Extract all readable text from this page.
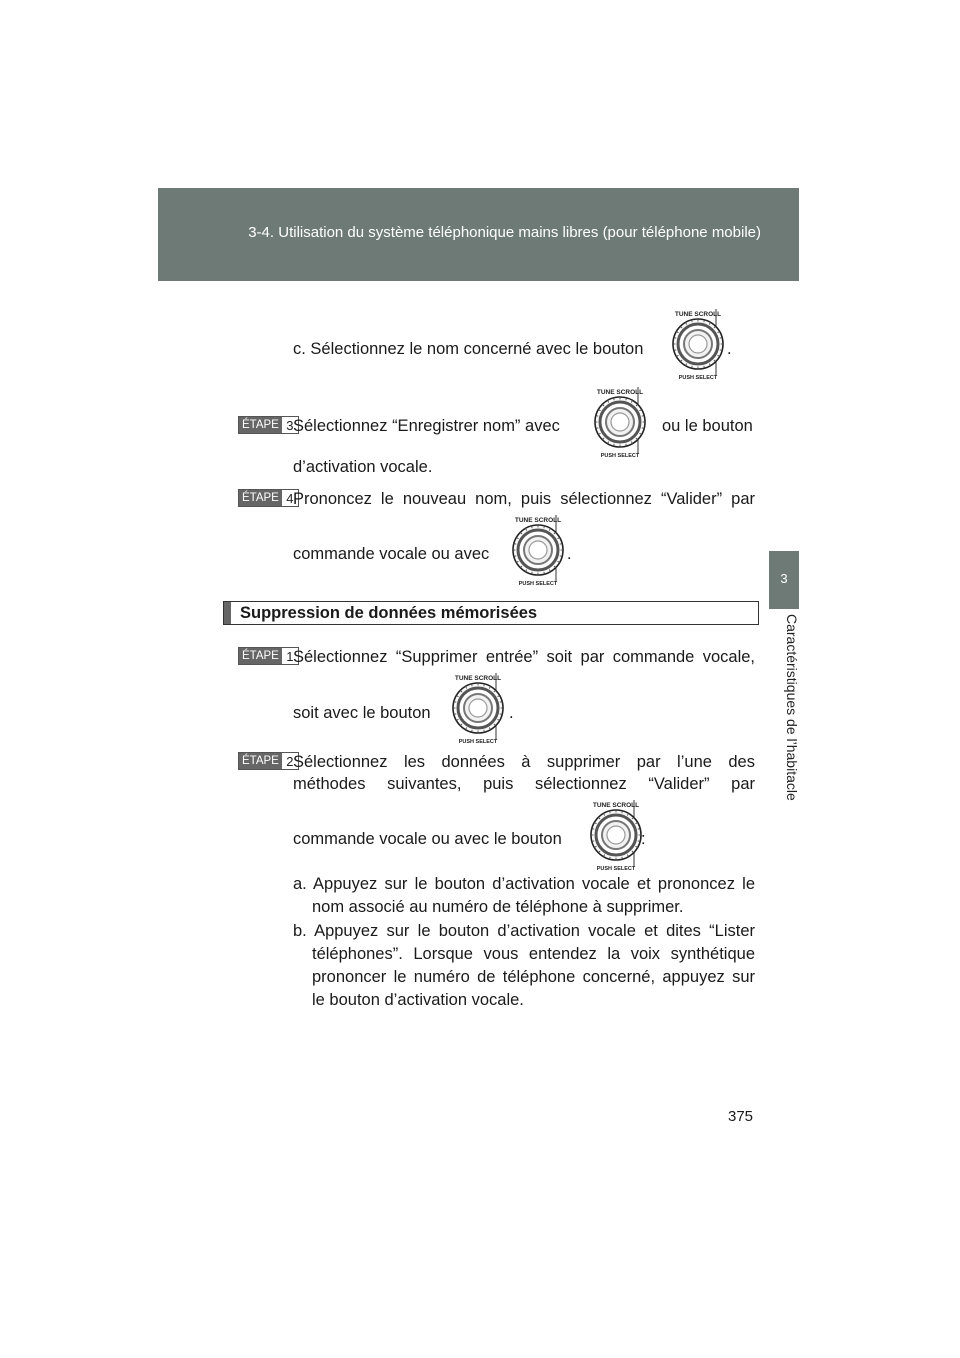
3-4. Utilisation du système téléphonique mains libres (pour téléphone mobile)
3
Caractéristiques de l’habitacle
c. Sélectionnez le nom concerné avec le bouton
TUNE SCROLL
PUSH SELECT
.
ÉTAPE 3 Sélectionnez “Enregistrer nom” avec
TUNE SCROLL
PUSH SELECT
ou le bouton
d’activation vocale.
ÉTAPE 4 Prononcez le nouveau nom, puis sélectionnez “Valider” par
commande vocale ou avec
TUNE SCROLL
PUSH SELECT
.
Suppression de données mémorisées
ÉTAPE 1 Sélectionnez “Supprimer entrée” soit par commande vocale,
soit avec le bouton
TUNE SCROLL
PUSH SELECT
.
ÉTAPE 2 Sélectionnez les données à supprimer par l’une des
méthodes suivantes, puis sélectionnez “Valider” par
commande vocale ou avec le bouton
TUNE SCROLL
PUSH SELECT
:
a. Appuyez sur le bouton d’activation vocale et prononcez le
nom associé au numéro de téléphone à supprimer.
b. Appuyez sur le bouton d’activation vocale et dites “Lister
téléphones”. Lorsque vous entendez la voix synthétique
prononcer le numéro de téléphone concerné, appuyez sur
le bouton d’activation vocale.
375
